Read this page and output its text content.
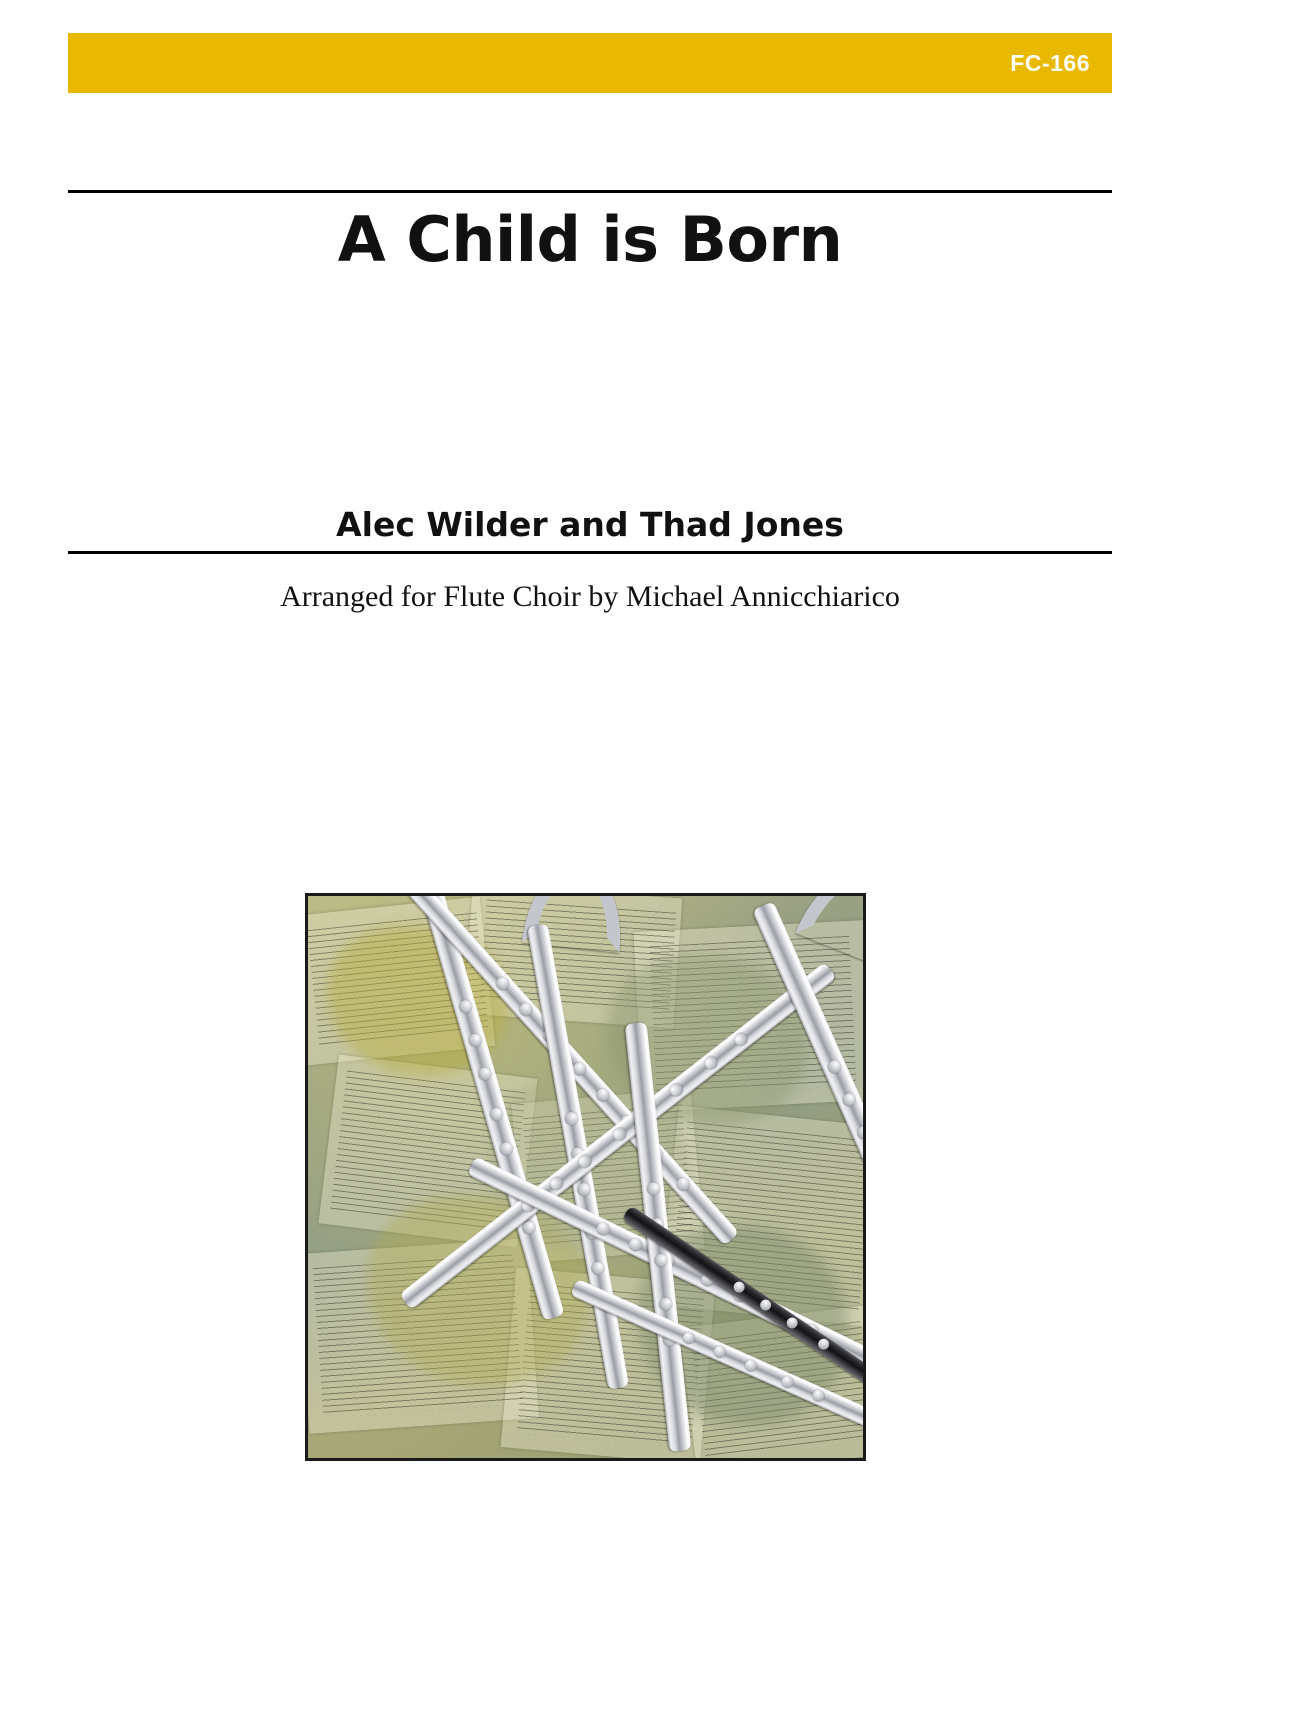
FC-166
A Child is Born
Alec Wilder and Thad Jones
Arranged for Flute Choir by Michael Annicchiarico
